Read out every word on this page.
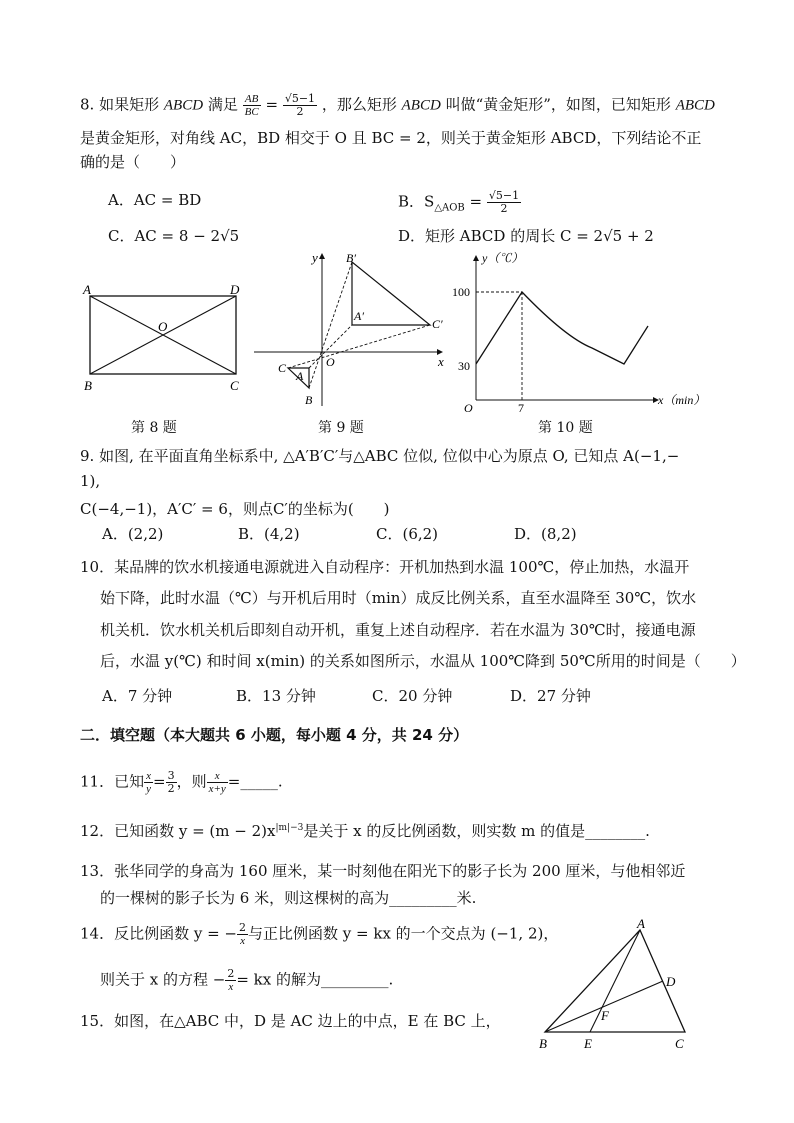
8. 如果矩形 ABCD 满足 $\frac{AB}{BC} = \frac{√5-1}{2}$ ，那么矩形 ABCD 叫做“黄金矩形”，如图，已知矩形 ABCD
是黄金矩形，对角线 AC，BD 相交于 O 且 BC = 2，则关于黄金矩形 ABCD，下列结论不正
确的是（　　）
A．AC = BD	B．$S_{\triangle AOB} = \frac{√5-1}{2}$
C．AC = 8 − 2√5	D．矩形 ABCD 的周长 C = 2√5 + 2
A	D
B	C
O
第 8 题
x
y
O
B′
A′
C′
C
A
B
第 9 题
y（℃）
x（min）
100
30
7
O
第 10 题
9. 如图, 在平面直角坐标系中, △A′B′C′与△ABC 位似, 位似中心为原点 O, 已知点 A(−1,−
1),
C(−4,−1)，A′C′ = 6，则点C′的坐标为(　　)
A．(2,2)	B．(4,2)	C．(6,2)	D．(8,2)
10．某品牌的饮水机接通电源就进入自动程序：开机加热到水温 100℃，停止加热，水温开
始下降，此时水温（℃）与开机后用时（min）成反比例关系，直至水温降至 30℃，饮水
机关机．饮水机关机后即刻自动开机，重复上述自动程序．若在水温为 30℃时，接通电源
后，水温 y(℃) 和时间 x(min) 的关系如图所示，水温从 100℃降到 50℃所用的时间是（　　）
A．7 分钟	B．13 分钟	C．20 分钟	D．27 分钟
二．填空题（本大题共 6 小题，每小题 4 分，共 24 分）
11．已知 $\frac{x}{y} = \frac{3}{2}$ ，则 $\frac{x}{x+y}$ =_____.
12．已知函数 $y = (m - 2)x^{|m|-3}$是关于 x 的反比例函数，则实数 m 的值是________.
13．张华同学的身高为 160 厘米，某一时刻他在阳光下的影子长为 200 厘米，与他相邻近
的一棵树的影子长为 6 米，则这棵树的高为_________米.
14．反比例函数 y = − $\frac{2}{x}$ 与正比例函数 y = kx 的一个交点为 (−1, 2)，
则关于 x 的方程 − $\frac{2}{x}$ = kx 的解为_________.
15．如图，在△ABC 中，D 是 AC 边上的中点，E 在 BC 上，
A
B	C
D
E
F
